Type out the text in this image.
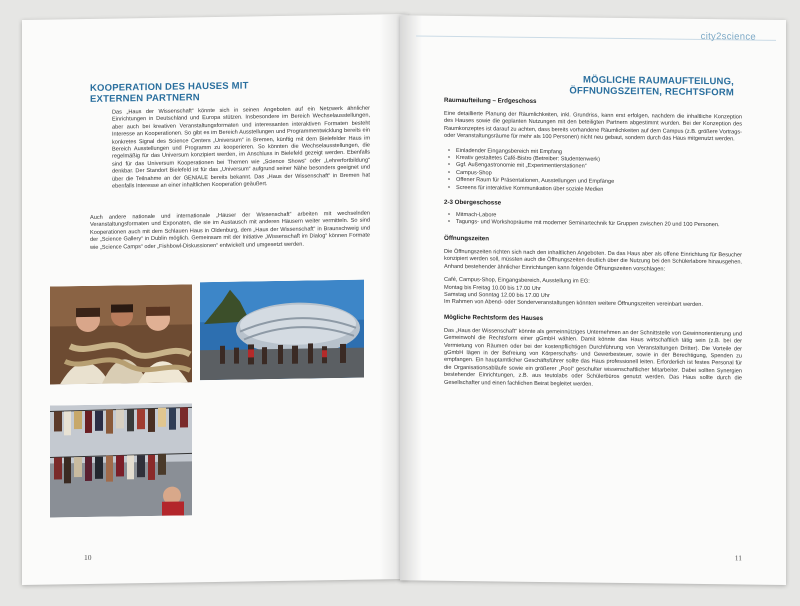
KOOPERATION DES HAUSES MIT EXTERNEN PARTNERN
Das „Haus der Wissenschaft“ könnte sich in seinen Angeboten auf ein Netzwerk ähnlicher Einrichtungen in Deutschland und Europa stützen. Insbesondere im Bereich Wechselausstellungen, aber auch bei kreativen Veranstaltungsformaten und interessanten interaktiven Formaten besteht Interesse an Kooperationen. So gibt es im Bereich Ausstellungen und Programmentwicklung bereits ein konkretes Signal des Science Centers „Universum“ in Bremen, künftig mit dem Bielefelder Haus im Bereich Ausstellungen und Programm zu kooperieren. So könnten die Wechselausstellungen, die regelmäßig für das Universum konzipiert werden, im Anschluss in Bielefeld gezeigt werden. Ebenfalls sind für das Universum Kooperationen bei Themen wie „Science Shows“ oder „Lehrerfortbildung“ denkbar. Der Standort Bielefeld ist für das „Universum“ aufgrund seiner Nähe besonders geeignet und über die Teilnahme an der GENIALE bereits bekannt. Das „Haus der Wissenschaft“ in Bremen hat ebenfalls Interesse an einer inhaltlichen Kooperation geäußert.
Auch andere nationale und internationale „Häuser der Wissenschaft“ arbeiten mit wechselnden Veranstaltungsformaten und Exponaten, die sie im Austausch mit anderen Häusern weiter vermitteln. So sind Kooperationen auch mit dem Schlauen Haus in Oldenburg, dem „Haus der Wissenschaft“ in Braunschweig und der „Science Gallery“ in Dublin möglich. Gemeinsam mit der Initiative „Wissenschaft im Dialog“ können Formate wie „Science Camps“ oder „Fishbowl-Diskussionen“ entwickelt und umgesetzt werden.
10
city2science
MÖGLICHE RAUMAUFTEILUNG, ÖFFNUNGSZEITEN, RECHTSFORM
Raumaufteilung – Erdgeschoss
Eine detaillierte Planung der Räumlichkeiten, inkl. Grundriss, kann erst erfolgen, nachdem die inhaltliche Konzeption des Hauses sowie die geplanten Nutzungen mit den beteiligten Partnern abgestimmt wurden. Bei der Konzeption des Raumkonzeptes ist darauf zu achten, dass bereits vorhandene Räumlichkeiten auf dem Campus (z.B. größere Vortrags- oder Veranstaltungsräume für mehr als 100 Personen) nicht neu gebaut, sondern durch das Haus mitgenutzt werden.
• Einladender Eingangsbereich mit Empfang
• Kreativ gestaltetes Café-Bistro (Betreiber: Studentenwerk)
• Ggf. Außengastronomie mit „Experimentierstationen“
• Campus-Shop
• Offener Raum für Präsentationen, Ausstellungen und Empfänge
• Screens für interaktive Kommunikation über soziale Medien
2-3 Obergeschosse
• Mitmach-Labore
• Tagungs- und Workshopräume mit moderner Seminartechnik für Gruppen zwischen 20 und 100 Personen.
Öffnungszeiten
Die Öffnungszeiten richten sich nach den inhaltlichen Angeboten. Da das Haus aber als offene Einrichtung für Besucher konzipiert werden soll, müssten auch die Öffnungszeiten deutlich über die Nutzung bei den Schülerlabore hinausgehen. Anhand bestehender ähnlicher Einrichtungen kann folgende Öffnungszeiten vorschlagen:
Café, Campus-Shop, Eingangsbereich, Ausstellung im EG:
Montag bis Freitag 10.00 bis 17.00 Uhr
Samstag und Sonntag 12.00 bis 17.00 Uhr
Im Rahmen von Abend- oder Sonderveranstaltungen könnten weitere Öffnungszeiten vereinbart werden.
Mögliche Rechtsform des Hauses
Das „Haus der Wissenschaft“ könnte als gemeinnütziges Unternehmen an der Schnittstelle von Gewinnorientierung und Gemeinwohl die Rechtsform einer gGmbH wählen. Damit könnte das Haus wirtschaftlich tätig sein (z.B. bei der Vermietung von Räumen oder bei der kostenpflichtigen Durchführung von Veranstaltungen Dritter). Die Vorteile der gGmbH lägen in der Befreiung von Körperschafts- und Gewerbesteuer, sowie in der Berechtigung, Spenden zu empfangen. Ein hauptamtlicher Geschäftsführer sollte das Haus professionell leiten. Erforderlich ist festes Personal für die Organisationsabläufe sowie ein größerer „Pool“ geschulter wissenschaftlicher Mitarbeiter. Dabei sollten Synergien bestehender Einrichtungen, z.B. aus teutolabs oder Schülerbüros genutzt werden. Das Haus sollte durch die Gesellschafter und einen fachlichen Beirat begleitet werden.
11
